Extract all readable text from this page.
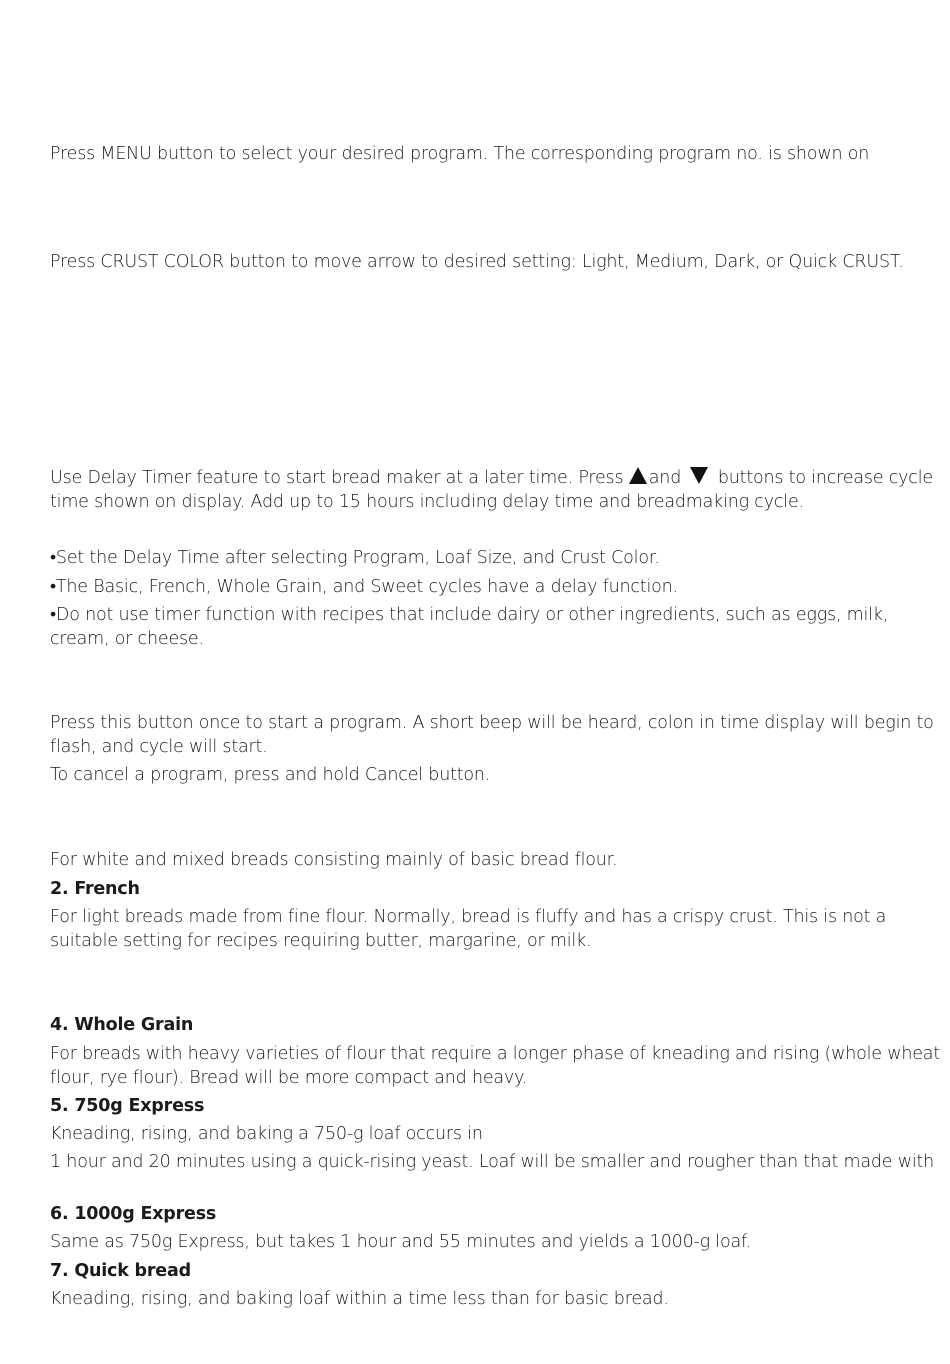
Press MENU button to select your desired program. The corresponding program no. is shown on
Press CRUST COLOR button to move arrow to desired setting: Light, Medium, Dark, or Quick CRUST.
Use Delay Timer feature to start bread maker at a later time. Press and buttons to increase cycle
time shown on display. Add up to 15 hours including delay time and breadmaking cycle.
•Set the Delay Time after selecting Program, Loaf Size, and Crust Color.
•The Basic, French, Whole Grain, and Sweet cycles have a delay function.
•Do not use timer function with recipes that include dairy or other ingredients, such as eggs, milk,
cream, or cheese.
Press this button once to start a program. A short beep will be heard, colon in time display will begin to
flash, and cycle will start.
To cancel a program, press and hold Cancel button.
For white and mixed breads consisting mainly of basic bread flour.
2. French
For light breads made from fine flour. Normally, bread is fluffy and has a crispy crust. This is not a
suitable setting for recipes requiring butter, margarine, or milk.
4. Whole Grain
For breads with heavy varieties of flour that require a longer phase of kneading and rising (whole wheat
flour, rye flour). Bread will be more compact and heavy.
5. 750g Express
Kneading, rising, and baking a 750-g loaf occurs in
1 hour and 20 minutes using a quick-rising yeast. Loaf will be smaller and rougher than that made with
6. 1000g Express
Same as 750g Express, but takes 1 hour and 55 minutes and yields a 1000-g loaf.
7. Quick bread
Kneading, rising, and baking loaf within a time less than for basic bread.
